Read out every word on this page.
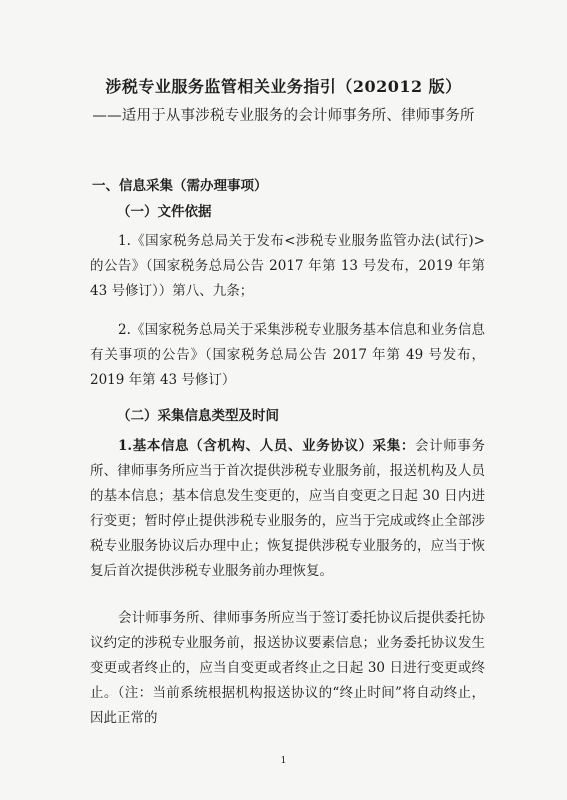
涉税专业服务监管相关业务指引（202012 版）
——适用于从事涉税专业服务的会计师事务所、律师事务所
一、信息采集（需办理事项）
（一）文件依据
1.《国家税务总局关于发布<涉税专业服务监管办法(试行)>的公告》（国家税务总局公告 2017 年第 13 号发布，2019 年第 43 号修订））第八、九条；
2.《国家税务总局关于采集涉税专业服务基本信息和业务信息有关事项的公告》（国家税务总局公告 2017 年第 49 号发布，2019 年第 43 号修订）
（二）采集信息类型及时间
1.基本信息（含机构、人员、业务协议）采集：会计师事务所、律师事务所应当于首次提供涉税专业服务前，报送机构及人员的基本信息；基本信息发生变更的，应当自变更之日起 30 日内进行变更；暂时停止提供涉税专业服务的，应当于完成或终止全部涉税专业服务协议后办理中止；恢复提供涉税专业服务的，应当于恢复后首次提供涉税专业服务前办理恢复。
会计师事务所、律师事务所应当于签订委托协议后提供委托协议约定的涉税专业服务前，报送协议要素信息；业务委托协议发生变更或者终止的，应当自变更或者终止之日起 30 日进行变更或终止。（注：当前系统根据机构报送协议的“终止时间”将自动终止，因此正常的
1
